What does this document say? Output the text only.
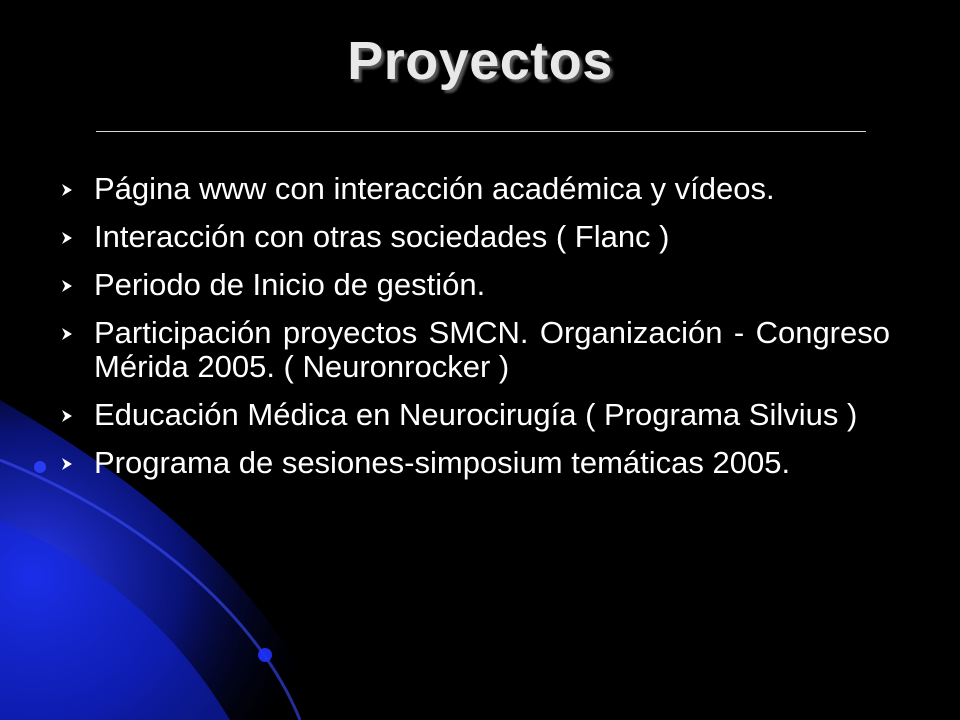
Proyectos
Página www con interacción académica y vídeos.
Interacción con otras sociedades ( Flanc )
Periodo de Inicio de gestión.
Participación proyectos SMCN. Organización - Congreso Mérida 2005. ( Neuronrocker )
Educación Médica en Neurocirugía ( Programa Silvius )
Programa de sesiones-simposium temáticas 2005.
